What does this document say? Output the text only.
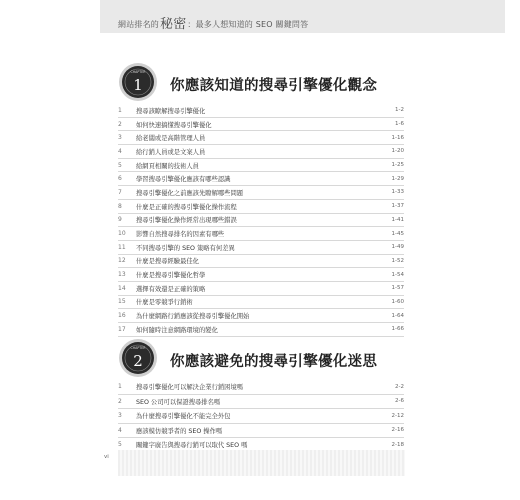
網站排名的秘密：最多人想知道的 SEO 關鍵問答
CHAPTER
1 你應該知道的搜尋引擎優化觀念
1	搜尋該瞭解搜尋引擎優化	1-2
2	如何快速搞懂搜尋引擎優化	1-6
3	給老闆或是高階管理人員	1-16
4	給行銷人員或是文案人員	1-20
5	給網頁相關的技術人員	1-25
6	學習搜尋引擎優化應該有哪些認識	1-29
7	搜尋引擎優化之前應該先瞭解哪些問題	1-33
8	什麼是正確的搜尋引擎優化操作流程	1-37
9	搜尋引擎優化操作經常出現哪些錯誤	1-41
10	影響自然搜尋排名的因素有哪些	1-45
11	不同搜尋引擎的 SEO 策略有何差異	1-49
12	什麼是搜尋經驗最佳化	1-52
13	什麼是搜尋引擎優化哲學	1-54
14	選擇有效還是正確的策略	1-57
15	什麼是零競爭行銷術	1-60
16	為什麼網路行銷應該從搜尋引擎優化開始	1-64
17	如何隨時注意網路環境的變化	1-66
CHAPTER
2 你應該避免的搜尋引擎優化迷思
1	搜尋引擎優化可以解決企業行銷困境嗎	2-2
2	SEO 公司可以保證搜尋排名嗎	2-6
3	為什麼搜尋引擎優化不能完全外包	2-12
4	應該模仿競爭者的 SEO 操作嗎	2-16
5	關鍵字廣告與搜尋行銷可以取代 SEO 嗎	2-18
vi
